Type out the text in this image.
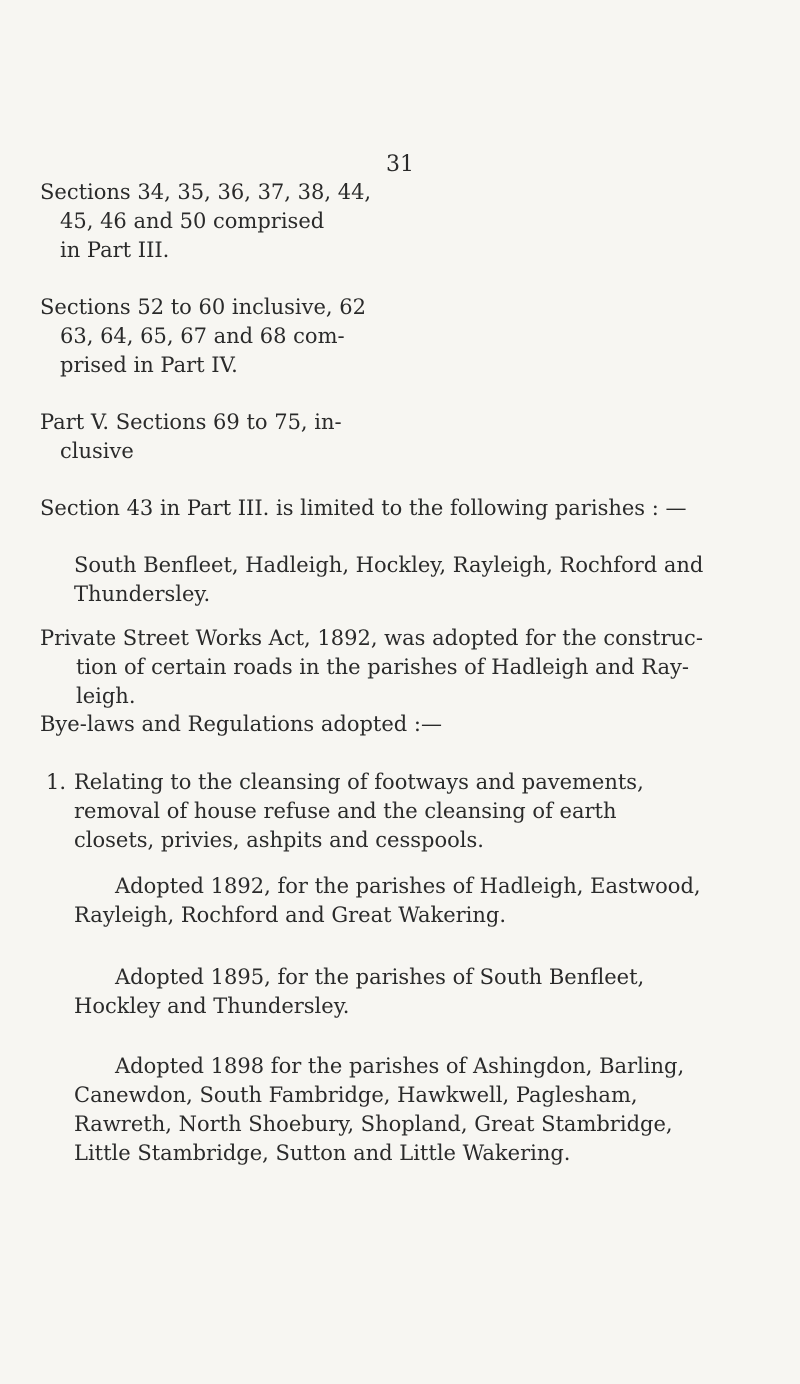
31
Sections 34, 35, 36, 37, 38, 44,
45, 46 and 50 comprised
in Part III.
Sections 52 to 60 inclusive, 62
63, 64, 65, 67 and 68 com-
prised in Part IV.
Part V. Sections 69 to 75, in-
clusive
Section 43 in Part III. is limited to the following parishes : —
South Benfleet, Hadleigh, Hockley, Rayleigh, Rochford and
Thundersley.
Private Street Works Act, 1892, was adopted for the construc-
tion of certain roads in the parishes of Hadleigh and Ray-
leigh.
Bye-laws and Regulations adopted :—
1. Relating to the cleansing of footways and pavements,
removal of house refuse and the cleansing of earth
closets, privies, ashpits and cesspools.
Adopted 1892, for the parishes of Hadleigh, Eastwood,
Rayleigh, Rochford and Great Wakering.
Adopted 1895, for the parishes of South Benfleet,
Hockley and Thundersley.
Adopted 1898 for the parishes of Ashingdon, Barling,
Canewdon, South Fambridge, Hawkwell, Paglesham,
Rawreth, North Shoebury, Shopland, Great Stambridge,
Little Stambridge, Sutton and Little Wakering.
